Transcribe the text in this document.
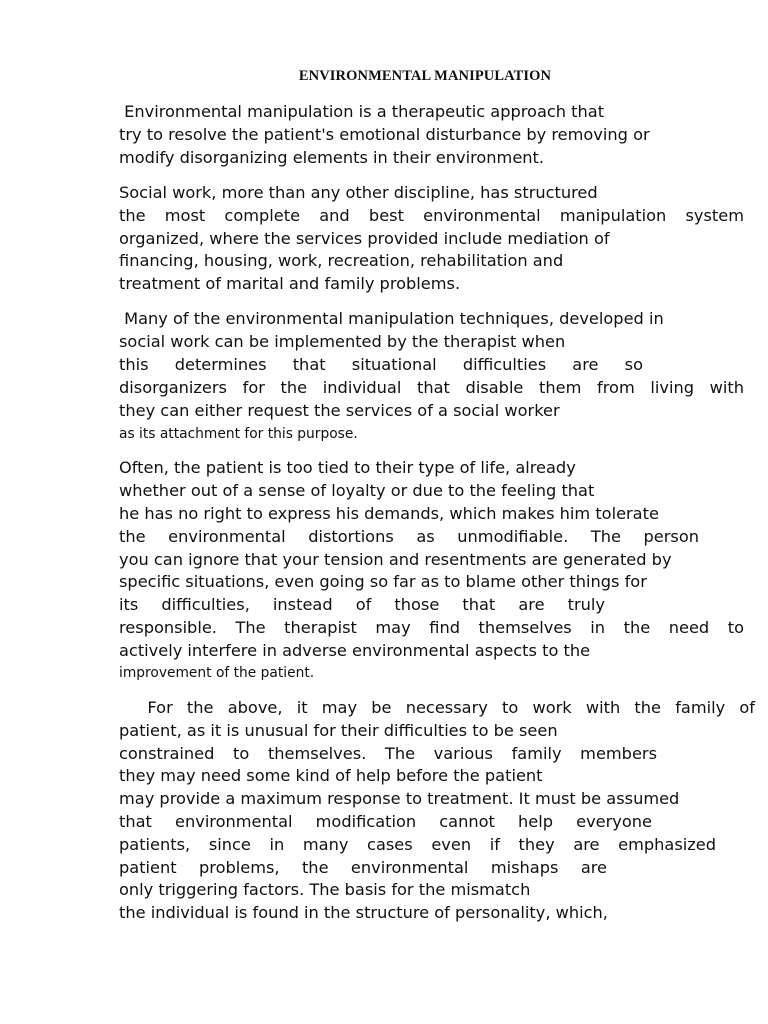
ENVIRONMENTAL MANIPULATION
Environmental manipulation is a therapeutic approach that
try to resolve the patient's emotional disturbance by removing or
modify disorganizing elements in their environment.
Social work, more than any other discipline, has structured
the most complete and best environmental manipulation system
organized, where the services provided include mediation of
financing, housing, work, recreation, rehabilitation and
treatment of marital and family problems.
Many of the environmental manipulation techniques, developed in
social work can be implemented by the therapist when
this determines that situational difficulties are so
disorganizers for the individual that disable them from living with
they can either request the services of a social worker
as its attachment for this purpose.
Often, the patient is too tied to their type of life, already
whether out of a sense of loyalty or due to the feeling that
he has no right to express his demands, which makes him tolerate
the environmental distortions as unmodifiable. The person
you can ignore that your tension and resentments are generated by
specific situations, even going so far as to blame other things for
its difficulties, instead of those that are truly
responsible. The therapist may find themselves in the need to
actively interfere in adverse environmental aspects to the
improvement of the patient.
For the above, it may be necessary to work with the family of
patient, as it is unusual for their difficulties to be seen
constrained to themselves. The various family members
they may need some kind of help before the patient
may provide a maximum response to treatment. It must be assumed
that environmental modification cannot help everyone
patients, since in many cases even if they are emphasized
patient problems, the environmental mishaps are
only triggering factors. The basis for the mismatch
the individual is found in the structure of personality, which,
